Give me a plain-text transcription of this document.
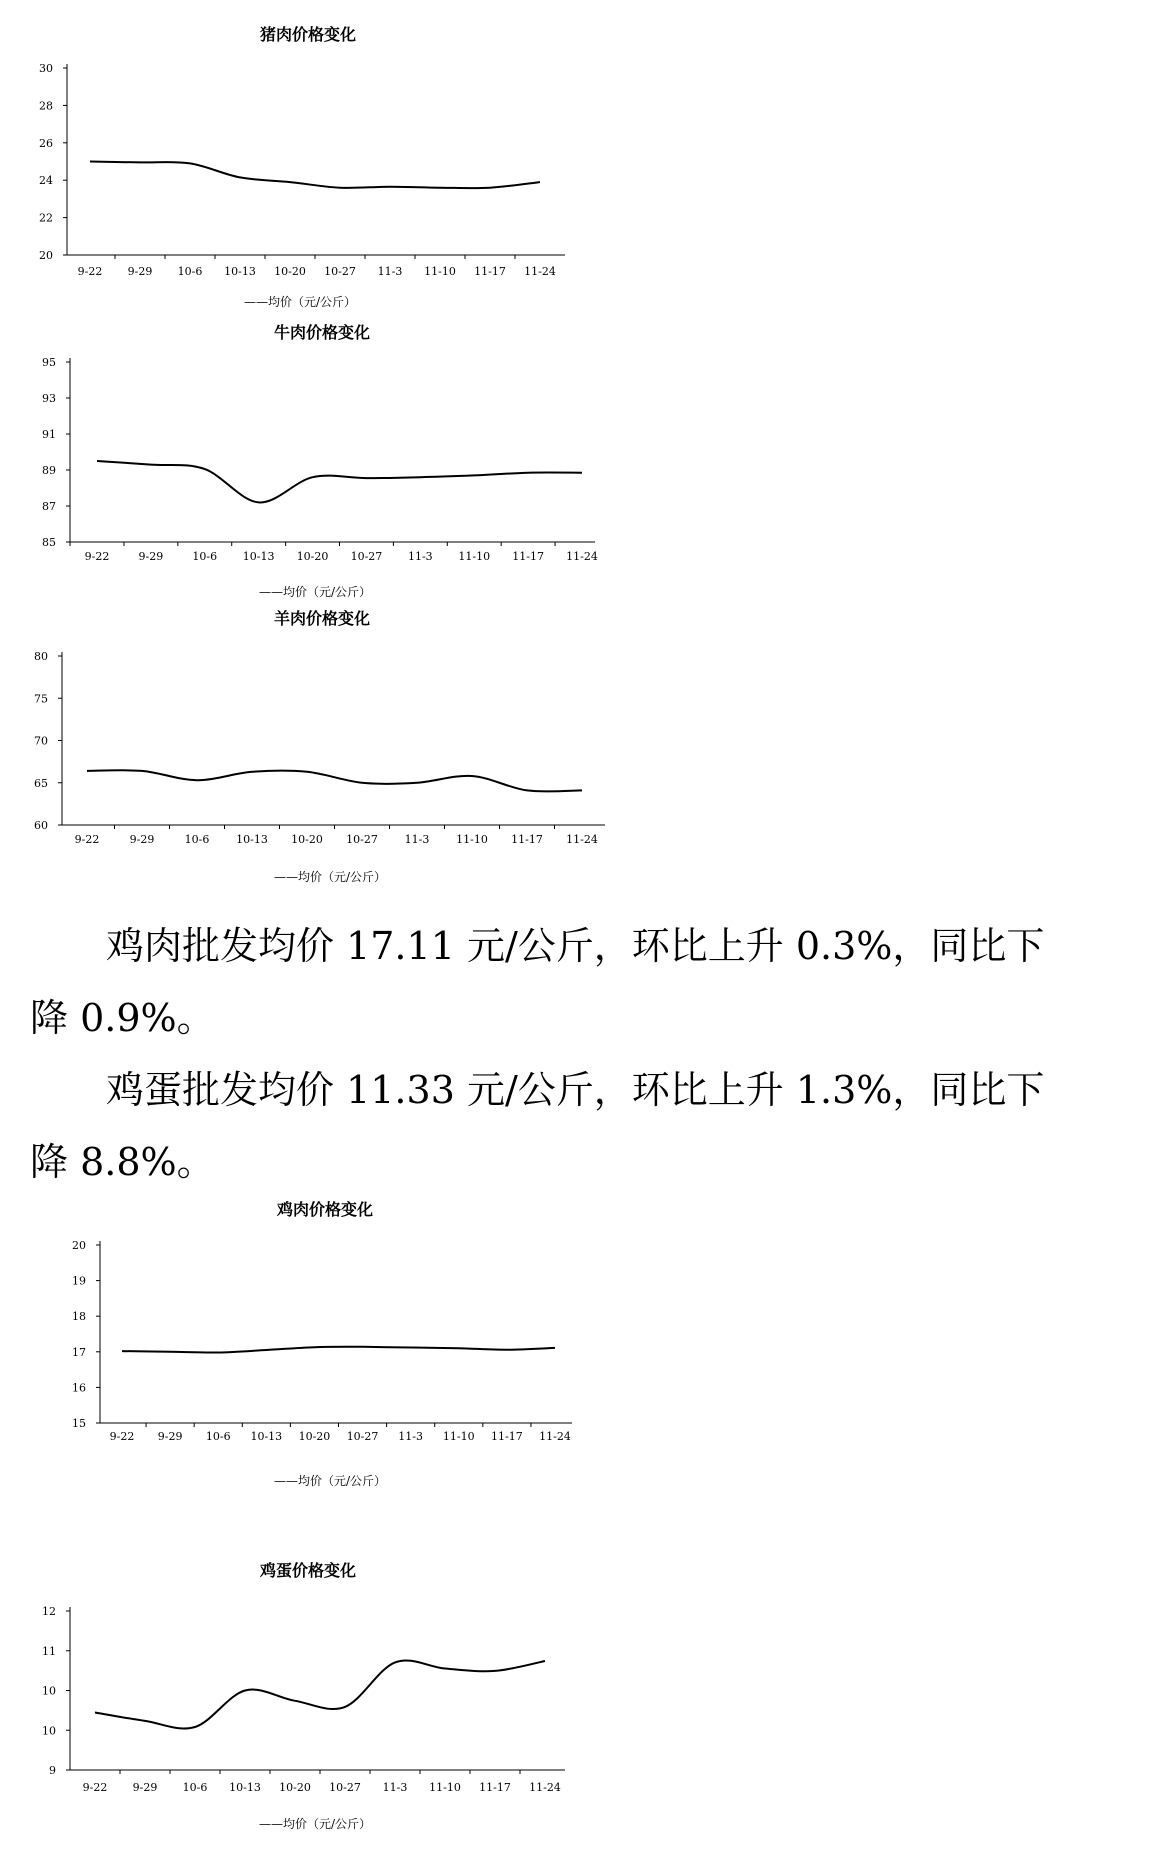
猪肉价格变化
20
22
24
26
28
30
9-22 9-29 10-6 10-13 10-20 10-27 11-3 11-10 11-17 11-24
——均价（元/公斤）
牛肉价格变化
85
87
89
91
93
95
9-22	9-29	10-6 10-13 10-20 10-27 11-3 11-10 11-17 11-24
——均价（元/公斤）
羊肉价格变化
60
65
70
75
80
9-22	9-29	10-6 10-13 10-20 10-27 11-3 11-10 11-17 11-24
——均价（元/公斤）
　　鸡肉批发均价 17.11 元/公斤，环比上升 0.3%，同比下
降 0.9%。
　　鸡蛋批发均价 11.33 元/公斤，环比上升 1.3%，同比下
降 8.8%。
鸡肉价格变化
15
16
17
18
19
20
9-22 9-29 10-6 10-13 10-20 10-27 11-3 11-10 11-17 11-24
——均价（元/公斤）
鸡蛋价格变化
9
10
10
11
12
9-22 9-29 10-6 10-13 10-20 10-27 11-3 11-10 11-17 11-24
——均价（元/公斤）
